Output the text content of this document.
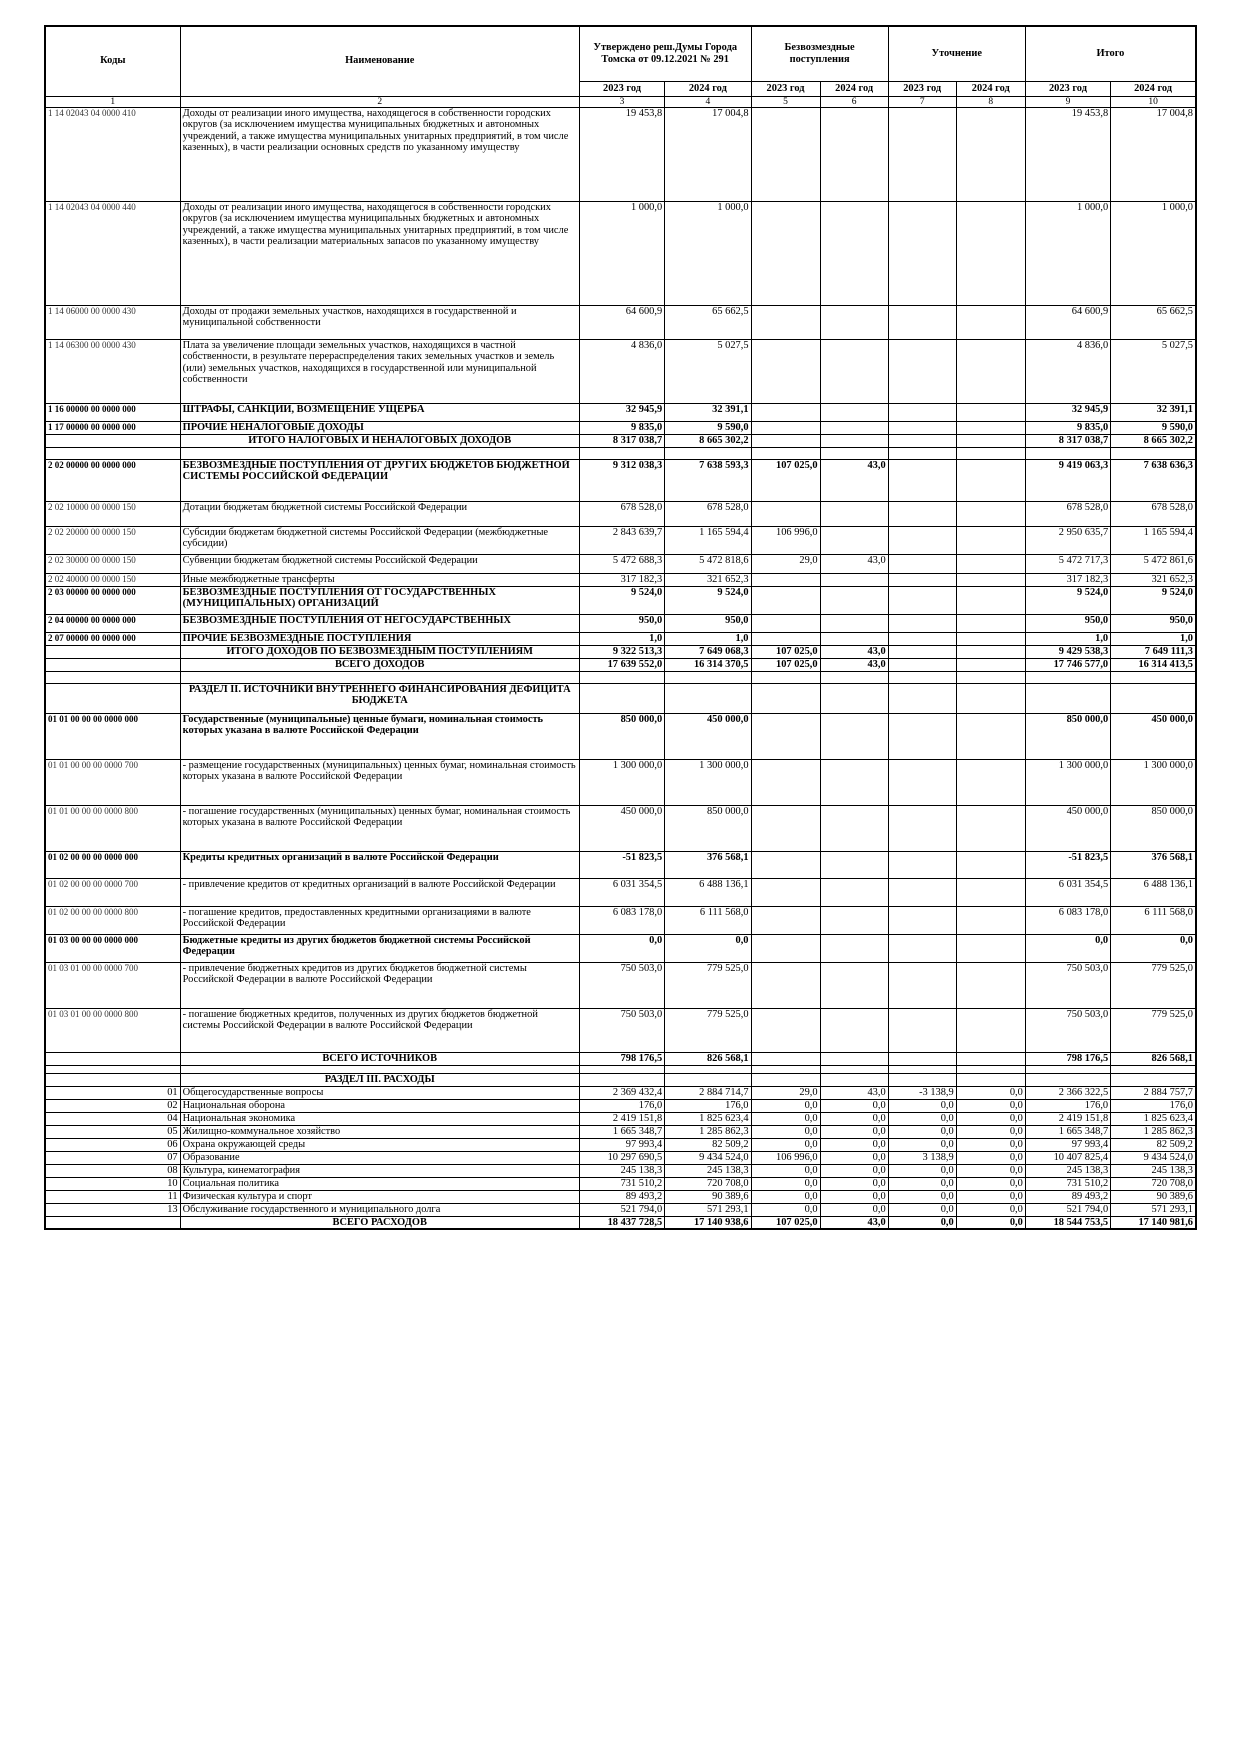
Коды	Наименование	Утверждено реш.Думы Города Томска от 09.12.2021 № 291		Безвозмездные поступления		Уточнение		Итого	
		2023 год	2024 год	2023 год	2024 год	2023 год	2024 год	2023 год	2024 год
1	2	3	4	5	6	7	8	9	10
1 14 02043 04 0000 410	Доходы от реализации иного имущества, находящегося в собственности городских округов (за исключением имущества муниципальных бюджетных и автономных учреждений, а также имущества муниципальных унитарных предприятий, в том числе казенных), в части реализации основных средств по указанному имуществу	19 453,8	17 004,8					19 453,8	17 004,8
1 14 02043 04 0000 440	Доходы от реализации иного имущества, находящегося в собственности городских округов (за исключением имущества муниципальных бюджетных и автономных учреждений, а также имущества муниципальных унитарных предприятий, в том числе казенных), в части реализации материальных запасов по указанному имуществу	1 000,0	1 000,0					1 000,0	1 000,0
1 14 06000 00 0000 430	Доходы от продажи земельных участков, находящихся в государственной и муниципальной собственности	64 600,9	65 662,5					64 600,9	65 662,5
1 14 06300 00 0000 430	Плата за увеличение площади земельных участков, находящихся в частной собственности, в результате перераспределения таких земельных участков и земель (или) земельных участков, находящихся в государственной или муниципальной собственности	4 836,0	5 027,5					4 836,0	5 027,5
1 16 00000 00 0000 000	ШТРАФЫ, САНКЦИИ, ВОЗМЕЩЕНИЕ УЩЕРБА	32 945,9	32 391,1					32 945,9	32 391,1
1 17 00000 00 0000 000	ПРОЧИЕ НЕНАЛОГОВЫЕ ДОХОДЫ	9 835,0	9 590,0					9 835,0	9 590,0
	ИТОГО НАЛОГОВЫХ И НЕНАЛОГОВЫХ ДОХОДОВ	8 317 038,7	8 665 302,2					8 317 038,7	8 665 302,2

2 02 00000 00 0000 000	БЕЗВОЗМЕЗДНЫЕ ПОСТУПЛЕНИЯ ОТ ДРУГИХ БЮДЖЕТОВ БЮДЖЕТНОЙ СИСТЕМЫ РОССИЙСКОЙ ФЕДЕРАЦИИ	9 312 038,3	7 638 593,3	107 025,0	43,0			9 419 063,3	7 638 636,3
2 02 10000 00 0000 150	Дотации бюджетам бюджетной системы Российской Федерации	678 528,0	678 528,0					678 528,0	678 528,0
2 02 20000 00 0000 150	Субсидии бюджетам бюджетной системы Российской Федерации (межбюджетные субсидии)	2 843 639,7	1 165 594,4	106 996,0				2 950 635,7	1 165 594,4
2 02 30000 00 0000 150	Субвенции бюджетам бюджетной системы Российской Федерации	5 472 688,3	5 472 818,6	29,0	43,0			5 472 717,3	5 472 861,6
2 02 40000 00 0000 150	Иные межбюджетные трансферты	317 182,3	321 652,3					317 182,3	321 652,3
2 03 00000 00 0000 000	БЕЗВОЗМЕЗДНЫЕ ПОСТУПЛЕНИЯ ОТ ГОСУДАРСТВЕННЫХ (МУНИЦИПАЛЬНЫХ) ОРГАНИЗАЦИЙ	9 524,0	9 524,0					9 524,0	9 524,0
2 04 00000 00 0000 000	БЕЗВОЗМЕЗДНЫЕ ПОСТУПЛЕНИЯ ОТ НЕГОСУДАРСТВЕННЫХ	950,0	950,0					950,0	950,0
2 07 00000 00 0000 000	ПРОЧИЕ БЕЗВОЗМЕЗДНЫЕ ПОСТУПЛЕНИЯ	1,0	1,0					1,0	1,0
	ИТОГО ДОХОДОВ ПО БЕЗВОЗМЕЗДНЫМ ПОСТУПЛЕНИЯМ	9 322 513,3	7 649 068,3	107 025,0	43,0			9 429 538,3	7 649 111,3
	ВСЕГО ДОХОДОВ	17 639 552,0	16 314 370,5	107 025,0	43,0			17 746 577,0	16 314 413,5

	РАЗДЕЛ II. ИСТОЧНИКИ ВНУТРЕННЕГО ФИНАНСИРОВАНИЯ ДЕФИЦИТА БЮДЖЕТА								
01 01 00 00 00 0000 000	Государственные (муниципальные) ценные бумаги, номинальная стоимость которых указана в валюте Российской Федерации	850 000,0	450 000,0					850 000,0	450 000,0
01 01 00 00 00 0000 700	- размещение государственных (муниципальных) ценных бумаг, номинальная стоимость которых указана в валюте Российской Федерации	1 300 000,0	1 300 000,0					1 300 000,0	1 300 000,0
01 01 00 00 00 0000 800	- погашение государственных (муниципальных) ценных бумаг, номинальная стоимость которых указана в валюте Российской Федерации	450 000,0	850 000,0					450 000,0	850 000,0
01 02 00 00 00 0000 000	Кредиты кредитных организаций в валюте Российской Федерации	-51 823,5	376 568,1					-51 823,5	376 568,1
01 02 00 00 00 0000 700	- привлечение кредитов от кредитных организаций в валюте Российской Федерации	6 031 354,5	6 488 136,1					6 031 354,5	6 488 136,1
01 02 00 00 00 0000 800	- погашение кредитов, предоставленных кредитными организациями в валюте Российской Федерации	6 083 178,0	6 111 568,0					6 083 178,0	6 111 568,0
01 03 00 00 00 0000 000	Бюджетные кредиты из других бюджетов бюджетной системы Российской Федерации	0,0	0,0					0,0	0,0
01 03 01 00 00 0000 700	- привлечение бюджетных кредитов из других бюджетов бюджетной системы Российской Федерации в валюте Российской Федерации	750 503,0	779 525,0					750 503,0	779 525,0
01 03 01 00 00 0000 800	- погашение бюджетных кредитов, полученных из других бюджетов бюджетной системы Российской Федерации в валюте Российской Федерации	750 503,0	779 525,0					750 503,0	779 525,0
	ВСЕГО ИСТОЧНИКОВ	798 176,5	826 568,1					798 176,5	826 568,1

	РАЗДЕЛ III. РАСХОДЫ								
01	Общегосударственные вопросы	2 369 432,4	2 884 714,7	29,0	43,0	-3 138,9	0,0	2 366 322,5	2 884 757,7
02	Национальная оборона	176,0	176,0	0,0	0,0	0,0	0,0	176,0	176,0
04	Национальная экономика	2 419 151,8	1 825 623,4	0,0	0,0	0,0	0,0	2 419 151,8	1 825 623,4
05	Жилищно-коммунальное хозяйство	1 665 348,7	1 285 862,3	0,0	0,0	0,0	0,0	1 665 348,7	1 285 862,3
06	Охрана окружающей среды	97 993,4	82 509,2	0,0	0,0	0,0	0,0	97 993,4	82 509,2
07	Образование	10 297 690,5	9 434 524,0	106 996,0	0,0	3 138,9	0,0	10 407 825,4	9 434 524,0
08	Культура, кинематография	245 138,3	245 138,3	0,0	0,0	0,0	0,0	245 138,3	245 138,3
10	Социальная политика	731 510,2	720 708,0	0,0	0,0	0,0	0,0	731 510,2	720 708,0
11	Физическая культура и спорт	89 493,2	90 389,6	0,0	0,0	0,0	0,0	89 493,2	90 389,6
13	Обслуживание государственного и муниципального долга	521 794,0	571 293,1	0,0	0,0	0,0	0,0	521 794,0	571 293,1
	ВСЕГО РАСХОДОВ	18 437 728,5	17 140 938,6	107 025,0	43,0	0,0	0,0	18 544 753,5	17 140 981,6
